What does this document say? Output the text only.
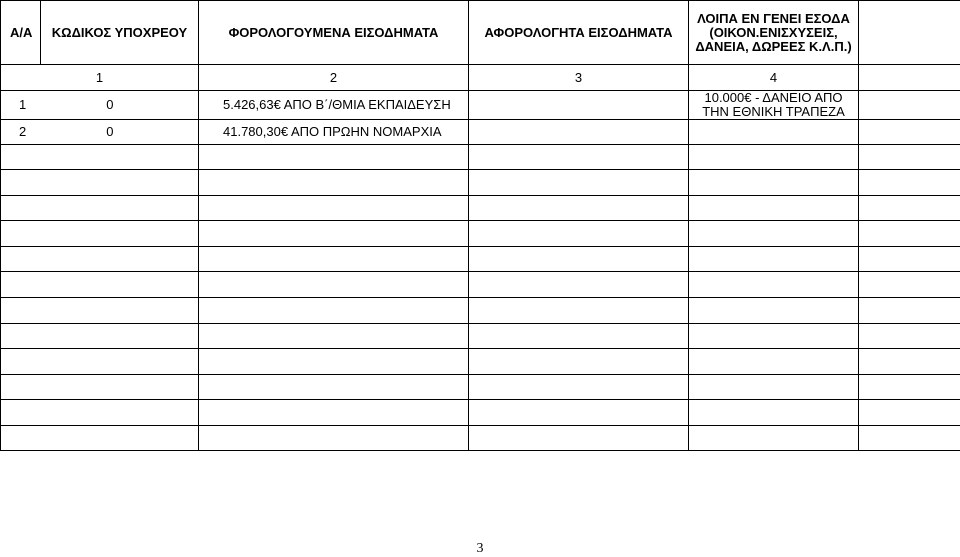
Α/Α	ΚΩΔΙΚΟΣ ΥΠΟΧΡΕΟΥ	ΦΟΡΟΛΟΓΟΥΜΕΝΑ ΕΙΣΟΔΗΜΑΤΑ	ΑΦΟΡΟΛΟΓΗΤΑ ΕΙΣΟΔΗΜΑΤΑ	ΛΟΙΠΑ ΕΝ ΓΕΝΕΙ ΕΣΟΔΑ (ΟΙΚΟΝ.ΕΝΙΣΧΥΣΕΙΣ, ΔΑΝΕΙΑ, ΔΩΡΕΕΣ Κ.Λ.Π.)	
1		2	3	4	
1 0		5.426,63€ ΑΠΟ Β΄/ΘΜΙΑ ΕΚΠΑΙΔΕΥΣΗ		10.000€ - ΔΑΝΕΙΟ ΑΠΟ ΤΗΝ ΕΘΝΙΚΗ ΤΡΑΠΕΖΑ	
2 0		41.780,30€ ΑΠΟ ΠΡΩΗΝ ΝΟΜΑΡΧΙΑ			

3
